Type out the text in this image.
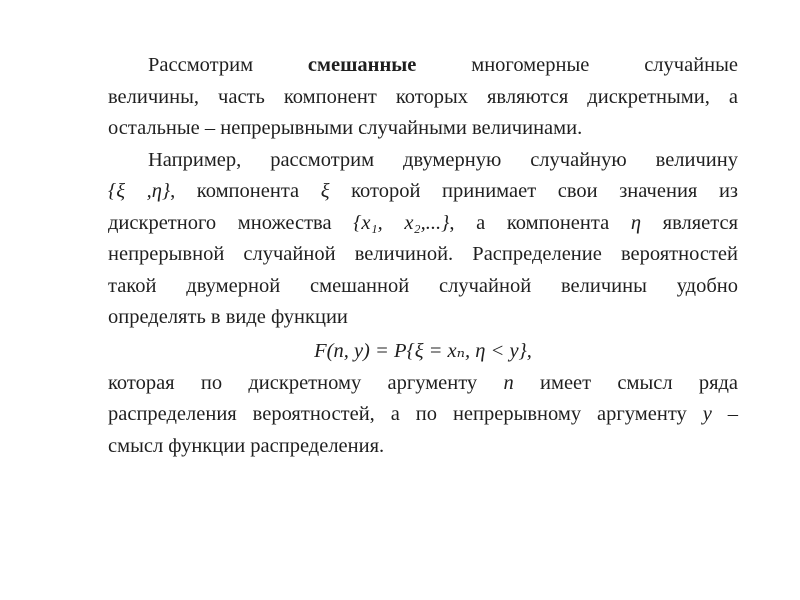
Рассмотрим	смешанные	многомерные случайные

величины, часть компонент которых являются дискретными, а

остальные – непрерывными случайными величинами.

Например, рассмотрим двумерную случайную величину

{ξ ,η}, компонента ξ которой принимает свои значения из

дискретного множества {x₁, x₂,...}, а компонента η является

непрерывной случайной величиной. Распределение вероятностей

такой двумерной смешанной случайной величины удобно

определять в виде функции

F(n, y) = P{ξ = xₙ, η < y},

которая по дискретному аргументу n имеет смысл ряда

распределения вероятностей, а по непрерывному аргументу y –

смысл функции распределения.
